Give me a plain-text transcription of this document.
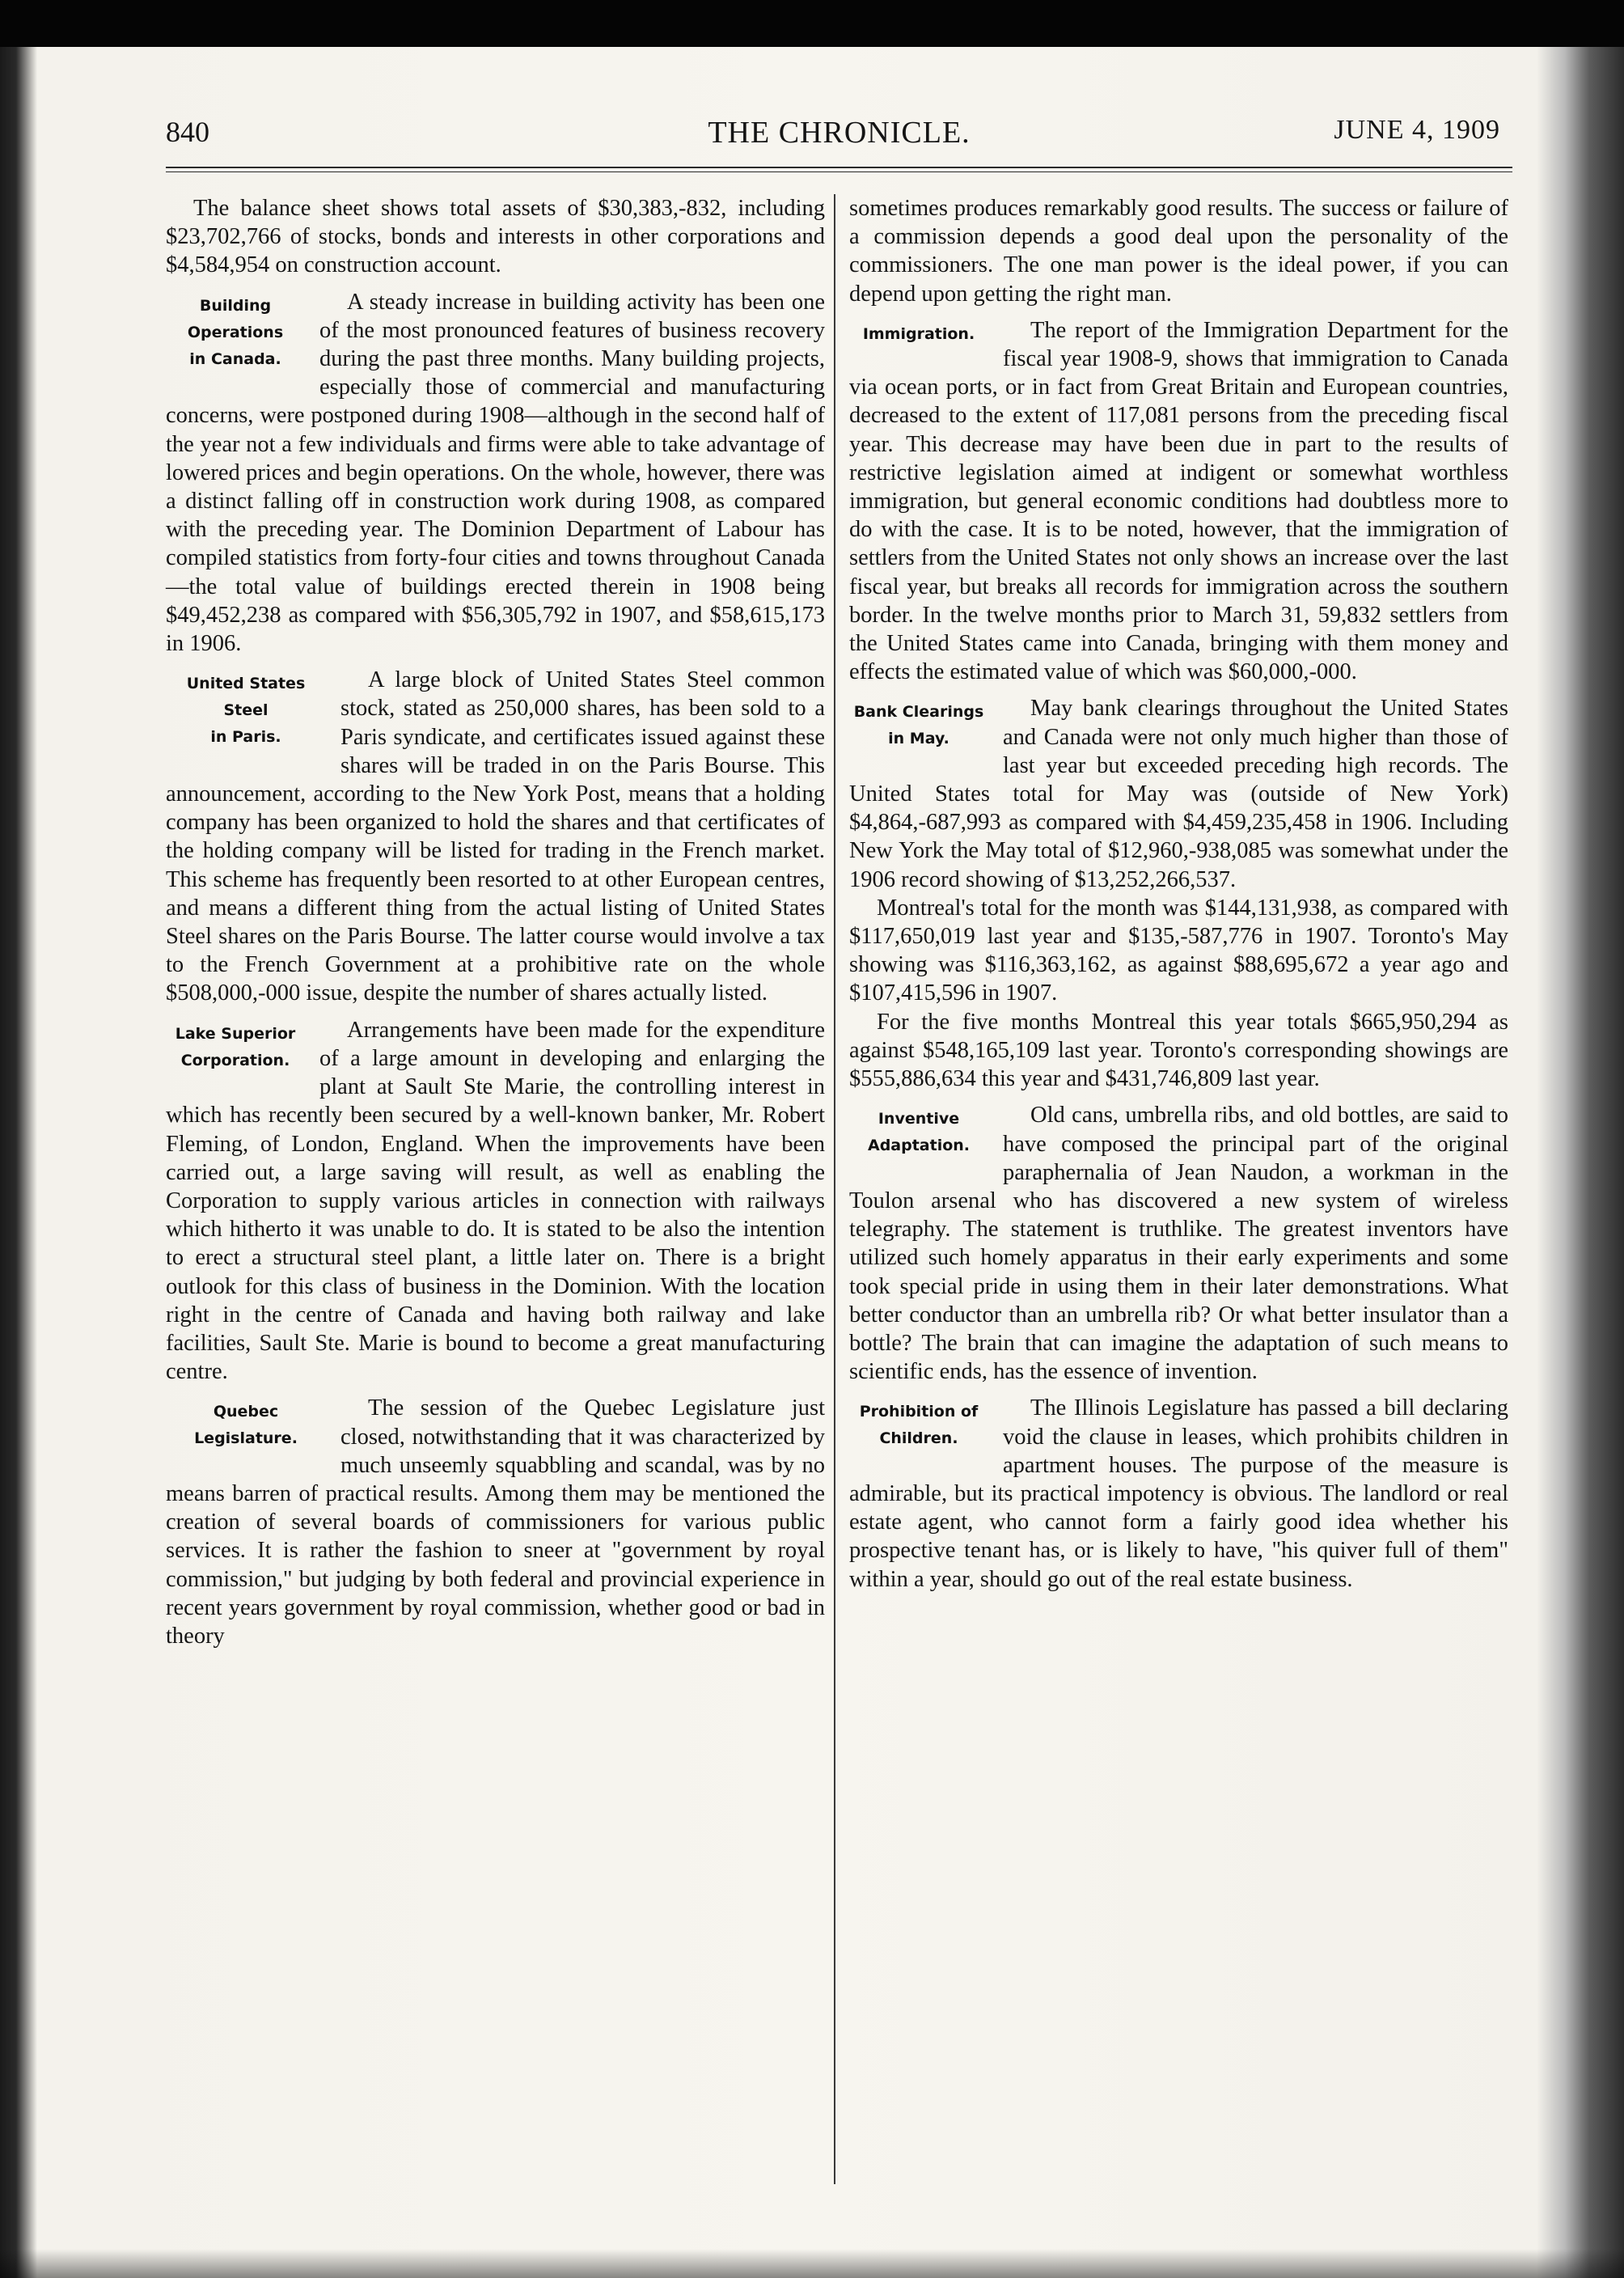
840	THE CHRONICLE.	JUNE 4, 1909

The balance sheet shows total assets of $30,383,-832, including $23,702,766 of stocks, bonds and interests in other corporations and $4,584,954 on construction account.

Building
Operations
in Canada.

A steady increase in building activity has been one of the most pronounced features of business recovery during the past three months. Many building projects, especially those of commercial and manufacturing concerns, were postponed during 1908—although in the second half of the year not a few individuals and firms were able to take advantage of lowered prices and begin operations. On the whole, however, there was a distinct falling off in construction work during 1908, as compared with the preceding year. The Dominion Department of Labour has compiled statistics from forty-four cities and towns throughout Canada—the total value of buildings erected therein in 1908 being $49,452,238 as compared with $56,305,792 in 1907, and $58,615,173 in 1906.

United States Steel
in Paris.

A large block of United States Steel common stock, stated as 250,000 shares, has been sold to a Paris syndicate, and certificates issued against these shares will be traded in on the Paris Bourse. This announcement, according to the New York Post, means that a holding company has been organized to hold the shares and that certificates of the holding company will be listed for trading in the French market. This scheme has frequently been resorted to at other European centres, and means a different thing from the actual listing of United States Steel shares on the Paris Bourse. The latter course would involve a tax to the French Government at a prohibitive rate on the whole $508,000,-000 issue, despite the number of shares actually listed.

Lake Superior
Corporation.

Arrangements have been made for the expenditure of a large amount in developing and enlarging the plant at Sault Ste Marie, the controlling interest in which has recently been secured by a well-known banker, Mr. Robert Fleming, of London, England. When the improvements have been carried out, a large saving will result, as well as enabling the Corporation to supply various articles in connection with railways which hitherto it was unable to do. It is stated to be also the intention to erect a structural steel plant, a little later on. There is a bright outlook for this class of business in the Dominion. With the location right in the centre of Canada and having both railway and lake facilities, Sault Ste. Marie is bound to become a great manufacturing centre.

Quebec Legislature.

The session of the Quebec Legislature just closed, notwithstanding that it was characterized by much unseemly squabbling and scandal, was by no means barren of practical results. Among them may be mentioned the creation of several boards of commissioners for various public services. It is rather the fashion to sneer at "government by royal commission," but judging by both federal and provincial experience in recent years government by royal commission, whether good or bad in theory

sometimes produces remarkably good results. The success or failure of a commission depends a good deal upon the personality of the commissioners. The one man power is the ideal power, if you can depend upon getting the right man.

Immigration.	The report of the Immigration Department for the fiscal year 1908-9, shows that immigration to Canada via ocean ports, or in fact from Great Britain and European countries, decreased to the extent of 117,081 persons from the preceding fiscal year. This decrease may have been due in part to the results of restrictive legislation aimed at indigent or somewhat worthless immigration, but general economic conditions had doubtless more to do with the case. It is to be noted, however, that the immigration of settlers from the United States not only shows an increase over the last fiscal year, but breaks all records for immigration across the southern border. In the twelve months prior to March 31, 59,832 settlers from the United States came into Canada, bringing with them money and effects the estimated value of which was $60,000,-000.

Bank Clearings
in May.

May bank clearings throughout the United States and Canada were not only much higher than those of last year but exceeded preceding high records. The United States total for May was (outside of New York) $4,864,-687,993 as compared with $4,459,235,458 in 1906. Including New York the May total of $12,960,-938,085 was somewhat under the 1906 record showing of $13,252,266,537.

Montreal's total for the month was $144,131,938, as compared with $117,650,019 last year and $135,-587,776 in 1907. Toronto's May showing was $116,363,162, as against $88,695,672 a year ago and $107,415,596 in 1907.

For the five months Montreal this year totals $665,950,294 as against $548,165,109 last year. Toronto's corresponding showings are $555,886,634 this year and $431,746,809 last year.

Inventive
Adaptation.

Old cans, umbrella ribs, and old bottles, are said to have composed the principal part of the original paraphernalia of Jean Naudon, a workman in the Toulon arsenal who has discovered a new system of wireless telegraphy. The statement is truthlike. The greatest inventors have utilized such homely apparatus in their early experiments and some took special pride in using them in their later demonstrations. What better conductor than an umbrella rib? Or what better insulator than a bottle? The brain that can imagine the adaptation of such means to scientific ends, has the essence of invention.

Prohibition of
Children.

The Illinois Legislature has passed a bill declaring void the clause in leases, which prohibits children in apartment houses. The purpose of the measure is admirable, but its practical impotency is obvious. The landlord or real estate agent, who cannot form a fairly good idea whether his prospective tenant has, or is likely to have, "his quiver full of them" within a year, should go out of the real estate business.
